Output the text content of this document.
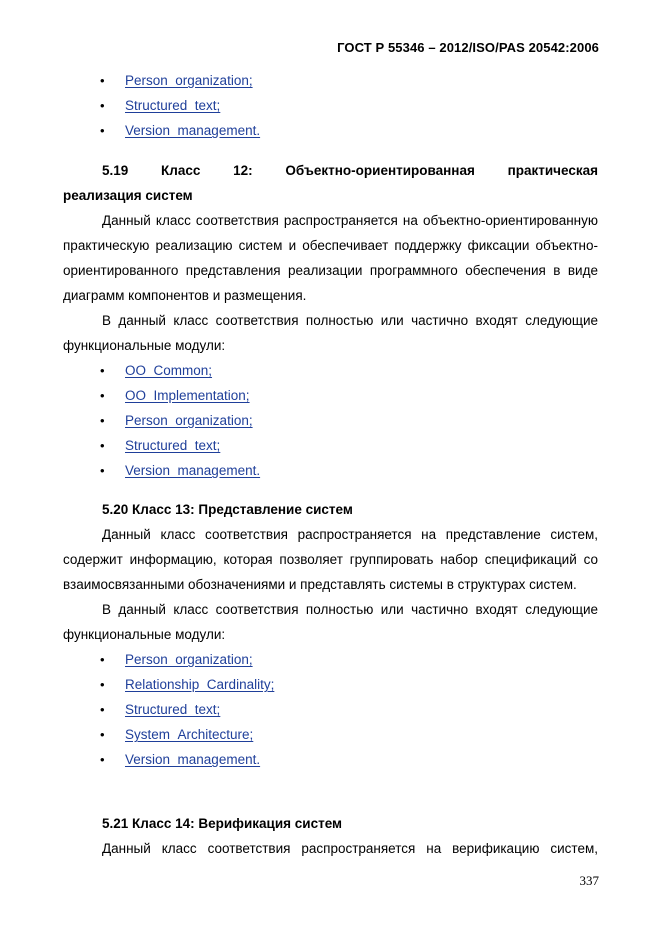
ГОСТ Р 55346 – 2012/ISO/PAS 20542:2006
• Person_organization;
• Structured_text;
• Version_management.
5.19 Класс 12: Объектно-ориентированная практическая
реализация систем

Данный класс соответствия распространяется на объектно-ориентированную практическую реализацию систем и обеспечивает поддержку фиксации объектно-ориентированного представления реализации программного обеспечения в виде диаграмм компонентов и размещения.

В данный класс соответствия полностью или частично входят следующие функциональные модули:

• OO_Common;
• OO_Implementation;
• Person_organization;
• Structured_text;
• Version_management.
5.20 Класс 13: Представление систем

Данный класс соответствия распространяется на представление систем, содержит информацию, которая позволяет группировать набор спецификаций со взаимосвязанными обозначениями и представлять системы в структурах систем.

В данный класс соответствия полностью или частично входят следующие функциональные модули:

• Person_organization;
• Relationship_Cardinality;
• Structured_text;
• System_Architecture;
• Version_management.
5.21 Класс 14: Верификация систем

Данный класс соответствия распространяется на верификацию систем,

337
